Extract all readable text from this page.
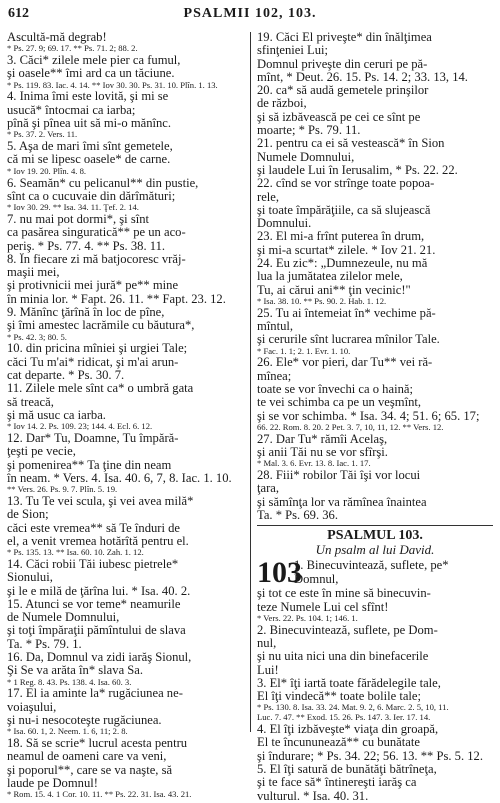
612	PSALMII 102, 103.
Ascultă-mă degrab!
* Ps. 27. 9; 69. 17. ** Ps. 71. 2; 88. 2.
3. Căci* zilele mele pier ca fumul,
şi oasele** îmi ard ca un tăciune.
* Ps. 119. 83. Iac. 4. 14. ** Iov 30. 30. Ps. 31. 10. Plîn. 1. 13.
4. Inima îmi este lovită, şi mi se
usucă* întocmai ca iarba;
pînă şi pînea uit să mi-o mănînc.
* Ps. 37. 2. Vers. 11.
5. Aşa de mari îmi sînt gemetele,
că mi se lipesc oasele* de carne.
* Iov 19. 20. Plîn. 4. 8.
6. Seamăn* cu pelicanul** din pustie,
sînt ca o cucuvaie din dărîmături;
* Iov 30. 29. ** Isa. 34. 11. Ţef. 2. 14.
7. nu mai pot dormi*, şi sînt
ca pasărea singuratică** pe un aco-
periş. * Ps. 77. 4. ** Ps. 38. 11.
8. În fiecare zi mă batjocoresc vrăj-
maşii mei,
şi protivnicii mei jură* pe** mine
în minia lor. * Fapt. 26. 11. ** Fapt. 23. 12.
9. Mănînc ţărînă în loc de pîne,
şi îmi amestec lacrămile cu băutura*,
* Ps. 42. 3; 80. 5.
10. din pricina mîniei şi urgiei Tale;
căci Tu m'ai* ridicat, şi m'ai arun-
cat departe. * Ps. 30. 7.
11. Zilele mele sînt ca* o umbră gata
să treacă,
şi mă usuc ca iarba.
* Iov 14. 2. Ps. 109. 23; 144. 4. Ecl. 6. 12.
12. Dar* Tu, Doamne, Tu împără-
ţeşti pe vecie,
şi pomenirea** Ta ţine din neam
în neam. * Vers. 4. Isa. 40. 6, 7, 8. Iac. 1. 10.
** Vers. 26. Ps. 9. 7. Plîn. 5. 19.
13. Tu Te vei scula, şi vei avea milă*
de Sion;
căci este vremea** să Te înduri de
el, a venit vremea hotărîtă pentru el.
* Ps. 135. 13. ** Isa. 60. 10. Zah. 1. 12.
14. Căci robii Tăi iubesc pietrele*
Sionului,
şi le e milă de ţărîna lui. * Isa. 40. 2.
15. Atunci se vor teme* neamurile
de Numele Domnului,
şi toţi împăraţii pămîntului de slava
Ta. * Ps. 79. 1.
16. Da, Domnul va zidi iarăş Sionul,
Şi Se va arăta în* slava Sa.
* 1 Reg. 8. 43. Ps. 138. 4. Isa. 60. 3.
17. El ia aminte la* rugăciunea ne-
voiaşului,
şi nu-i nesocoteşte rugăciunea.
* Isa. 60. 1, 2. Neem. 1. 6, 11; 2. 8.
18. Să se scrie* lucrul acesta pentru
neamul de oameni care va veni,
şi poporul**, care se va naşte, să
laude pe Domnul!
* Rom. 15. 4. 1 Cor. 10. 11. ** Ps. 22. 31. Isa. 43. 21.
19. Căci El priveşte* din înălţimea
sfinţeniei Lui;
Domnul priveşte din ceruri pe pă-
mînt, * Deut. 26. 15. Ps. 14. 2; 33. 13, 14.
20. ca* să audă gemetele prinşilor
de război,
şi să izbăvească pe cei ce sînt pe
moarte; * Ps. 79. 11.
21. pentru ca ei să vestească* în Sion
Numele Domnului,
şi laudele Lui în Ierusalim, * Ps. 22. 22.
22. cînd se vor strînge toate popoa-
rele,
şi toate împărăţiile, ca să slujească
Domnului.
23. El mi-a frînt puterea în drum,
şi mi-a scurtat* zilele. * Iov 21. 21.
24. Eu zic*: „Dumnezeule, nu mă
lua la jumătatea zilelor mele,
Tu, ai cărui ani** ţin vecinic!"
* Isa. 38. 10. ** Ps. 90. 2. Hab. 1. 12.
25. Tu ai întemeiat în* vechime pă-
mîntul,
şi cerurile sînt lucrarea mînilor Tale.
* Fac. 1. 1; 2. 1. Evr. 1. 10.
26. Ele* vor pieri, dar Tu** vei ră-
mînea;
toate se vor învechi ca o haină;
te vei schimba ca pe un veşmînt,
şi se vor schimba. * Isa. 34. 4; 51. 6; 65. 17;
66. 22. Rom. 8. 20. 2 Pet. 3. 7, 10, 11, 12. ** Vers. 12.
27. Dar Tu* rămîi Acelaş,
şi anii Tăi nu se vor sfîrşi.
* Mal. 3. 6. Evr. 13. 8. Iac. 1. 17.
28. Fiii* robilor Tăi îşi vor locui
ţara,
şi sămînţa lor va rămînea înaintea
Ta. * Ps. 69. 36.
PSALMUL 103.
Un psalm al lui David.
103
1. Binecuvintează, suflete, pe*
Domnul,
şi tot ce este în mine să binecuvin-
teze Numele Lui cel sfînt!
* Vers. 22. Ps. 104. 1; 146. 1.
2. Binecuvintează, suflete, pe Dom-
nul,
şi nu uita nici una din binefacerile
Lui!
3. El* îţi iartă toate fărădelegile tale,
El îţi vindecă** toate bolile tale;
* Ps. 130. 8. Isa. 33. 24. Mat. 9. 2, 6. Marc. 2. 5, 10, 11.
Luc. 7. 47. ** Exod. 15. 26. Ps. 147. 3. Ier. 17. 14.
4. El îţi izbăveşte* viaţa din groapă,
El te încununează** cu bunătate
şi îndurare; * Ps. 34. 22; 56. 13. ** Ps. 5. 12.
5. El îţi satură de bunătăţi bătrîneţa,
şi te face să* întinereşti iarăş ca
vulturul. * Isa. 40. 31.
